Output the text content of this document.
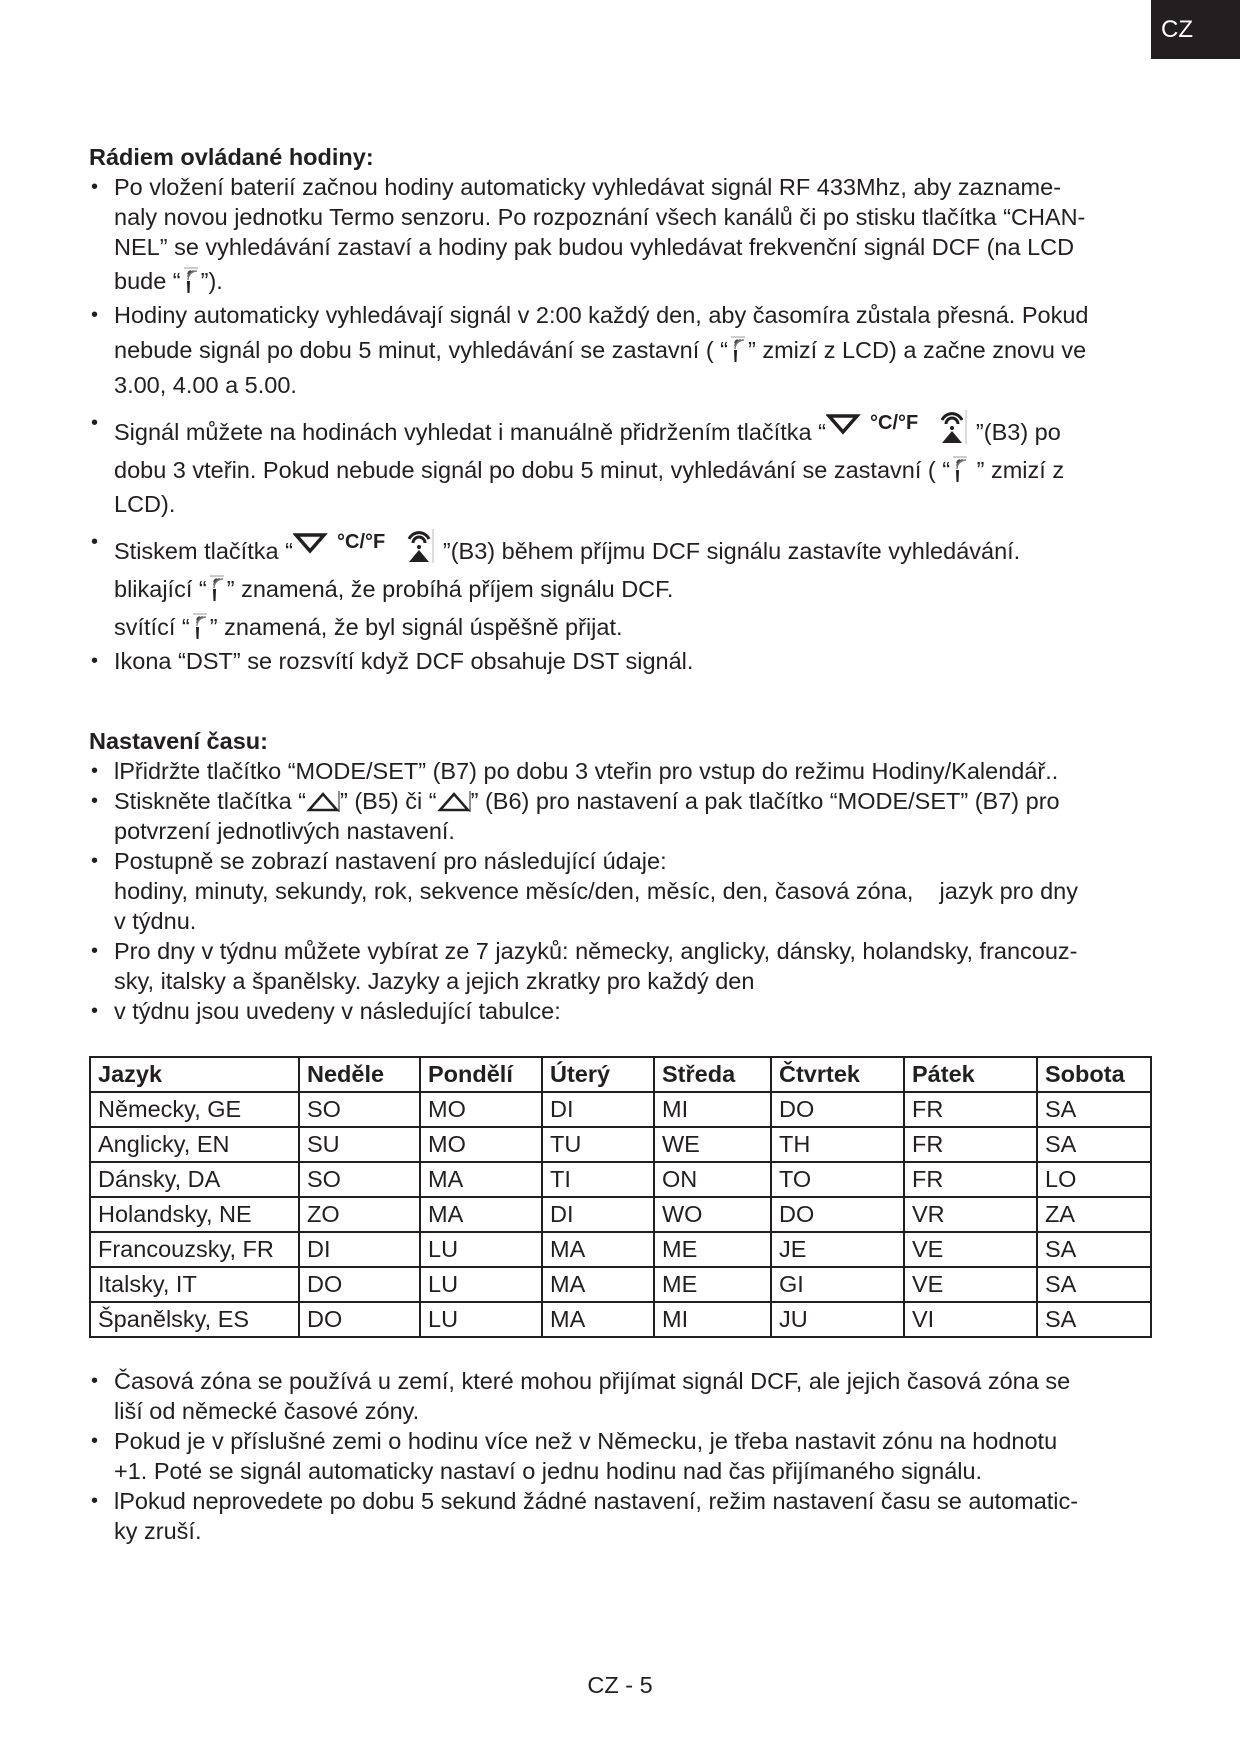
CZ
Rádiem ovládané hodiny:
• Po vložení baterií začnou hodiny automaticky vyhledávat signál RF 433Mhz, aby zazname-
naly novou jednotku Termo senzoru. Po rozpoznání všech kanálů či po stisku tlačítka “CHAN-
NEL” se vyhledávání zastaví a hodiny pak budou vyhledávat frekvenční signál DCF (na LCD
bude “ ”).
• Hodiny automaticky vyhledávají signál v 2:00 každý den, aby časomíra zůstala přesná. Pokud
nebude signál po dobu 5 minut, vyhledávání se zastavní ( “ ” zmizí z LCD) a začne znovu ve
3.00, 4.00 a 5.00.
• Signál můžete na hodinách vyhledat i manuálně přidržením tlačítka “	”(B3) po
dobu 3 vteřin. Pokud nebude signál po dobu 5 minut, vyhledávání se zastavní ( “ ” zmizí z
LCD).
• Stiskem tlačítka “	”(B3) během příjmu DCF signálu zastavíte vyhledávání.
blikající “ ” znamená, že probíhá příjem signálu DCF.
svítící “ ” znamená, že byl signál úspěšně přijat.
• Ikona “DST” se rozsvítí když DCF obsahuje DST signál.
Nastavení času:
• lPřidržte tlačítko “MODE/SET” (B7) po dobu 3 vteřin pro vstup do režimu Hodiny/Kalendář..
• Stiskněte tlačítka “ ” (B5) či “ ” (B6) pro nastavení a pak tlačítko “MODE/SET” (B7) pro
potvrzení jednotlivých nastavení.
• Postupně se zobrazí nastavení pro následující údaje:
hodiny, minuty, sekundy, rok, sekvence měsíc/den, měsíc, den, časová zóna,    jazyk pro dny
v týdnu.
• Pro dny v týdnu můžete vybírat ze 7 jazyků: německy, anglicky, dánsky, holandsky, francouz-
sky, italsky a španělsky. Jazyky a jejich zkratky pro každý den
• v týdnu jsou uvedeny v následující tabulce:
Jazyk	Neděle	Pondělí	Úterý	Středa	Čtvrtek	Pátek	Sobota
Německy, GE	SO	MO	DI	MI	DO	FR	SA
Anglicky, EN	SU	MO	TU	WE	TH	FR	SA
Dánsky, DA	SO	MA	TI	ON	TO	FR	LO
Holandsky, NE	ZO	MA	DI	WO	DO	VR	ZA
Francouzsky, FR	DI	LU	MA	ME	JE	VE	SA
Italsky, IT	DO	LU	MA	ME	GI	VE	SA
Španělsky, ES	DO	LU	MA	MI	JU	VI	SA
• Časová zóna se používá u zemí, které mohou přijímat signál DCF, ale jejich časová zóna se
liší od německé časové zóny.
• Pokud je v příslušné zemi o hodinu více než v Německu, je třeba nastavit zónu na hodnotu
+1. Poté se signál automaticky nastaví o jednu hodinu nad čas přijímaného signálu.
• lPokud neprovedete po dobu 5 sekund žádné nastavení, režim nastavení času se automatic-
ky zruší.
CZ - 5
